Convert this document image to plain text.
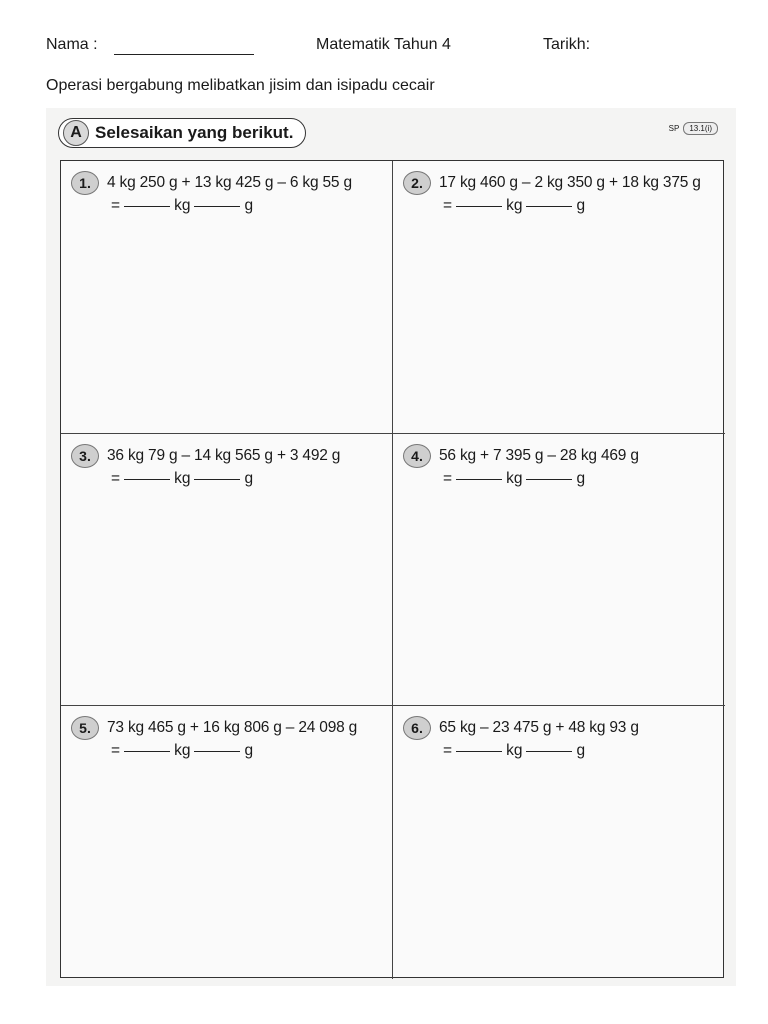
Nama :	Matematik Tahun 4	Tarikh:
Operasi bergabung melibatkan jisim dan isipadu cecair
A Selesaikan yang berikut.	SP	13.1(i)
1.	4 kg 250 g + 13 kg 425 g – 6 kg 55 g
=	kg	g
2.	17 kg 460 g – 2 kg 350 g + 18 kg 375 g
=	kg	g
3.	36 kg 79 g – 14 kg 565 g + 3 492 g
=	kg	g
4.	56 kg + 7 395 g – 28 kg 469 g
=	kg	g
5.	73 kg 465 g + 16 kg 806 g – 24 098 g
=	kg	g
6.	65 kg – 23 475 g + 48 kg 93 g
=	kg	g
